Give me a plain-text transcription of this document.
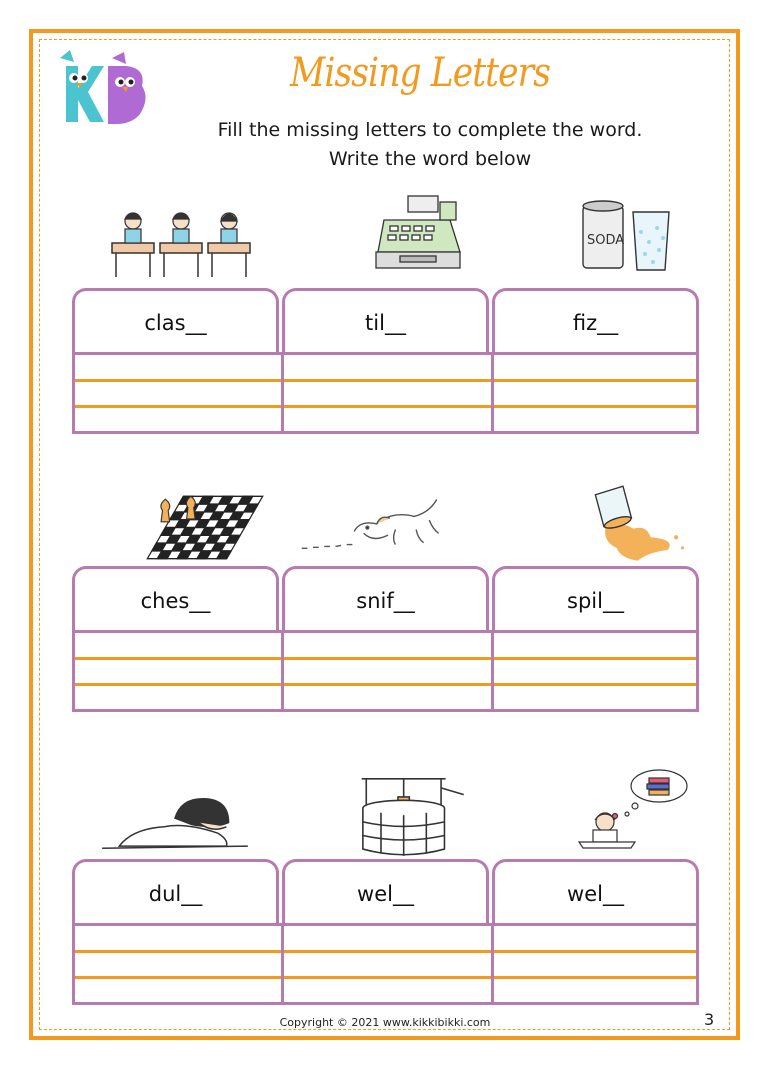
Missing Letters
Fill the missing letters to complete the word.
Write the word below
SODA
clas__	til__	fiz__
ches__	snif__	spil__
dul__	wel__	wel__
Copyright © 2021 www.kikkibikki.com	3
